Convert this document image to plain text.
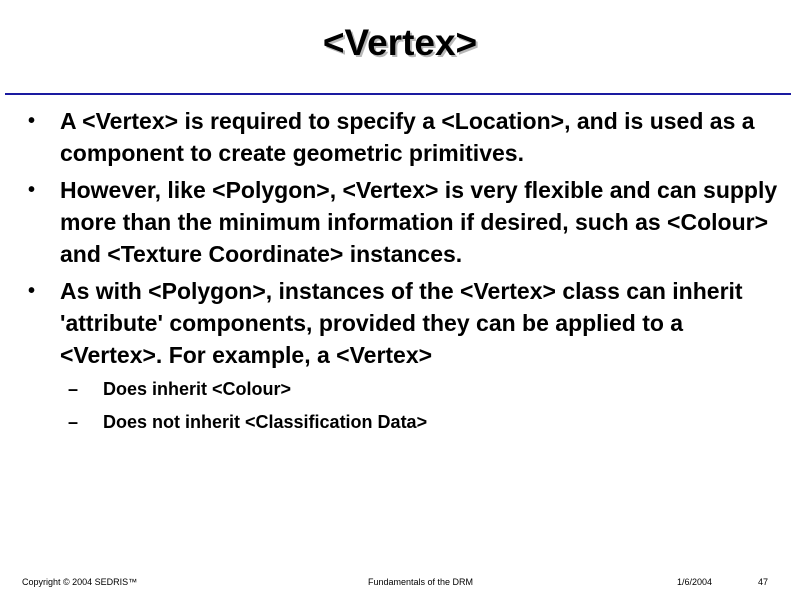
<Vertex>
• A <Vertex> is required to specify a <Location>, and is used as a component to create geometric primitives.
• However, like <Polygon>, <Vertex> is very flexible and can supply more than the minimum information if desired, such as <Colour> and <Texture Coordinate> instances.
• As with <Polygon>, instances of the <Vertex> class can inherit 'attribute' components, provided they can be applied to a <Vertex>. For example, a <Vertex>
– Does inherit <Colour>
– Does not inherit <Classification Data>
Copyright © 2004 SEDRIS™	Fundamentals of the DRM	1/6/2004	47
